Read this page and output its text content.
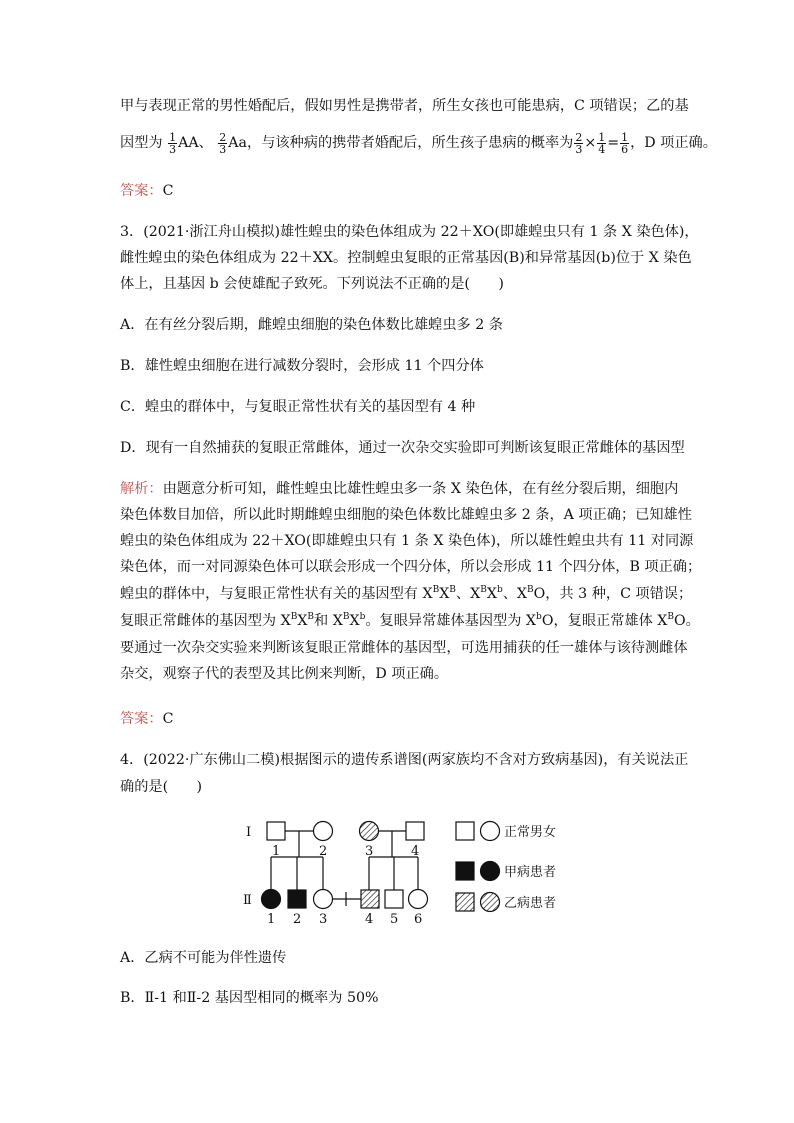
甲与表现正常的男性婚配后，假如男性是携带者，所生女孩也可能患病，C 项错误；乙的基
因型为 $\frac{1}{3}$ AA、 $\frac{2}{3}$ Aa，与该种病的携带者婚配后，所生孩子患病的概率为 $\frac{2}{3} \times \frac{1}{4} = \frac{1}{6}$ ，D 项正确。
答案：C
3．(2021·浙江舟山模拟)雄性蝗虫的染色体组成为 22＋XO(即雄蝗虫只有 1 条 X 染色体)，
雌性蝗虫的染色体组成为 22＋XX。控制蝗虫复眼的正常基因(B)和异常基因(b)位于 X 染色
体上，且基因 b 会使雄配子致死。下列说法不正确的是(　　)
A．在有丝分裂后期，雌蝗虫细胞的染色体数比雄蝗虫多 2 条
B．雄性蝗虫细胞在进行减数分裂时，会形成 11 个四分体
C．蝗虫的群体中，与复眼正常性状有关的基因型有 4 种
D．现有一自然捕获的复眼正常雌体，通过一次杂交实验即可判断该复眼正常雌体的基因型
解析：由题意分析可知，雌性蝗虫比雄性蝗虫多一条 X 染色体，在有丝分裂后期，细胞内
染色体数目加倍，所以此时期雌蝗虫细胞的染色体数比雄蝗虫多 2 条，A 项正确；已知雄性
蝗虫的染色体组成为 22＋XO(即雄蝗虫只有 1 条 X 染色体)，所以雄性蝗虫共有 11 对同源
染色体，而一对同源染色体可以联会形成一个四分体，所以会形成 11 个四分体，B 项正确；
蝗虫的群体中，与复眼正常性状有关的基因型有 $X^BX^B$、$X^BX^b$、$X^BO$，共 3 种，C 项错误；
复眼正常雌体的基因型为 $X^BX^B$和 $X^BX^b$。复眼异常雄体基因型为 $X^bO$，复眼正常雄体 $X^BO$。
要通过一次杂交实验来判断该复眼正常雌体的基因型，可选用捕获的任一雄体与该待测雌体
杂交，观察子代的表型及其比例来判断，D 项正确。
答案：C
4．(2022·广东佛山二模)根据图示的遗传系谱图(两家族均不含对方致病基因)，有关说法正
确的是(　　)
Ⅰ
Ⅱ
1	2	3	4
1 2 3	4 5 6
正常男女
甲病患者
乙病患者
A．乙病不可能为伴性遗传
B．Ⅱ-1 和Ⅱ-2 基因型相同的概率为 50%
